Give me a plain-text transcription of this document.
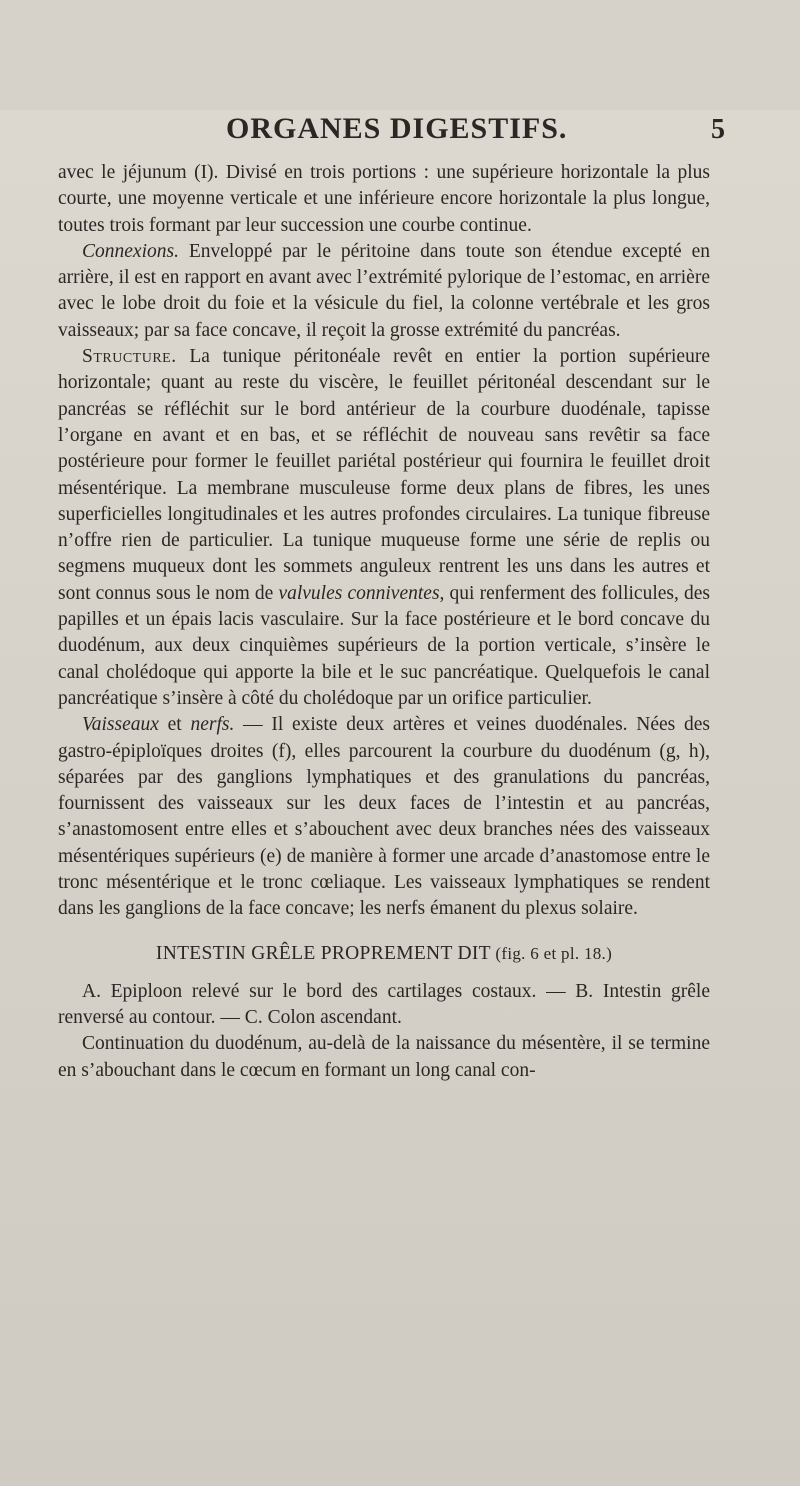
ORGANES DIGESTIFS.	5

avec le jéjunum (I). Divisé en trois portions : une supérieure horizontale la plus courte, une moyenne verticale et une inférieure encore horizontale la plus longue, toutes trois formant par leur succession une courbe continue.

Connexions. Enveloppé par le péritoine dans toute son étendue excepté en arrière, il est en rapport en avant avec l’extrémité pylorique de l’estomac, en arrière avec le lobe droit du foie et la vésicule du fiel, la colonne vertébrale et les gros vaisseaux; par sa face concave, il reçoit la grosse extrémité du pancréas.

Structure. La tunique péritonéale revêt en entier la portion supérieure horizontale; quant au reste du viscère, le feuillet péritonéal descendant sur le pancréas se réfléchit sur le bord antérieur de la courbure duodénale, tapisse l’organe en avant et en bas, et se réfléchit de nouveau sans revêtir sa face postérieure pour former le feuillet pariétal postérieur qui fournira le feuillet droit mésentérique. La membrane musculeuse forme deux plans de fibres, les unes superficielles longitudinales et les autres profondes circulaires. La tunique fibreuse n’offre rien de particulier. La tunique muqueuse forme une série de replis ou segmens muqueux dont les sommets anguleux rentrent les uns dans les autres et sont connus sous le nom de valvules conniventes, qui renferment des follicules, des papilles et un épais lacis vasculaire. Sur la face postérieure et le bord concave du duodénum, aux deux cinquièmes supérieurs de la portion verticale, s’insère le canal cholédoque qui apporte la bile et le suc pancréatique. Quelquefois le canal pancréatique s’insère à côté du cholédoque par un orifice particulier.

Vaisseaux et nerfs. — Il existe deux artères et veines duodénales. Nées des gastro-épiploïques droites (f), elles parcourent la courbure du duodénum (g, h), séparées par des ganglions lymphatiques et des granulations du pancréas, fournissent des vaisseaux sur les deux faces de l’intestin et au pancréas, s’anastomosent entre elles et s’abouchent avec deux branches nées des vaisseaux mésentériques supérieurs (e) de manière à former une arcade d’anastomose entre le tronc mésentérique et le tronc cœliaque. Les vaisseaux lymphatiques se rendent dans les ganglions de la face concave; les nerfs émanent du plexus solaire.

INTESTIN GRÊLE PROPREMENT DIT (fig. 6 et pl. 18.)

A. Epiploon relevé sur le bord des cartilages costaux. — B. Intestin grêle renversé au contour. — C. Colon ascendant.

Continuation du duodénum, au-delà de la naissance du mésentère, il se termine en s’abouchant dans le cœcum en formant un long canal con-
